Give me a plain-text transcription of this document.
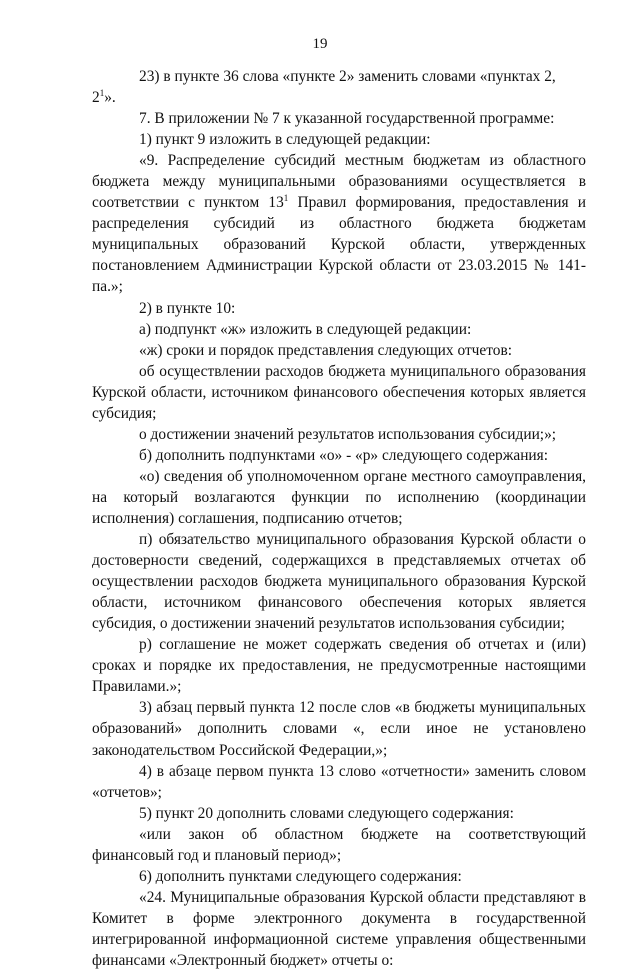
19

23) в пункте 36 слова «пункте 2» заменить словами «пунктах 2,
$2^1$».

7. В приложении № 7 к указанной государственной программе:

1) пункт 9 изложить в следующей редакции:

«9. Распределение субсидий местным бюджетам из областного бюджета между муниципальными образованиями осуществляется в соответствии с пунктом $13^1$ Правил формирования, предоставления и распределения субсидий из областного бюджета бюджетам муниципальных образований Курской области, утвержденных постановлением Администрации Курской области от 23.03.2015 № 141-па.»;

2) в пункте 10:

а) подпункт «ж» изложить в следующей редакции:

«ж) сроки и порядок представления следующих отчетов:

об осуществлении расходов бюджета муниципального образования Курской области, источником финансового обеспечения которых является субсидия;

о достижении значений результатов использования субсидии;»;

б) дополнить подпунктами «о» - «р» следующего содержания:

«о) сведения об уполномоченном органе местного самоуправления, на который возлагаются функции по исполнению (координации исполнения) соглашения, подписанию отчетов;

п) обязательство муниципального образования Курской области о достоверности сведений, содержащихся в представляемых отчетах об осуществлении расходов бюджета муниципального образования Курской области, источником финансового обеспечения которых является субсидия, о достижении значений результатов использования субсидии;

р) соглашение не может содержать сведения об отчетах и (или) сроках и порядке их предоставления, не предусмотренные настоящими Правилами.»;

3) абзац первый пункта 12 после слов «в бюджеты муниципальных образований» дополнить словами «, если иное не установлено законодательством Российской Федерации,»;

4) в абзаце первом пункта 13 слово «отчетности» заменить словом «отчетов»;

5) пункт 20 дополнить словами следующего содержания:

«или закон об областном бюджете на соответствующий финансовый год и плановый период»;

6) дополнить пунктами следующего содержания:

«24. Муниципальные образования Курской области представляют в Комитет в форме электронного документа в государственной интегрированной информационной системе управления общественными финансами «Электронный бюджет» отчеты о:
